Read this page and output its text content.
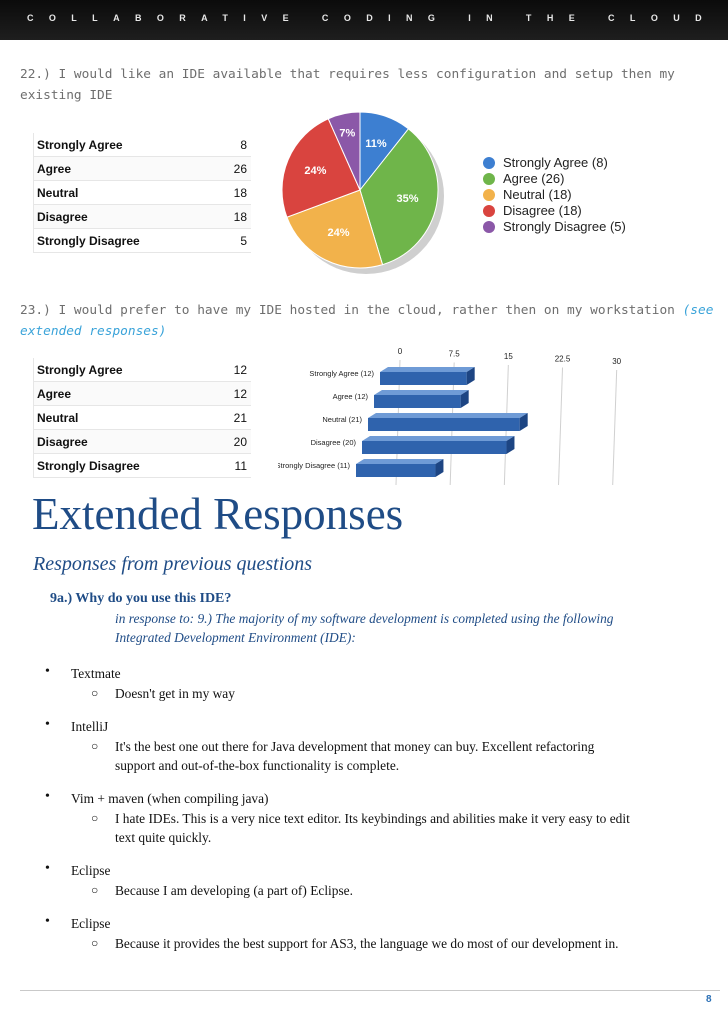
COLLABORATIVE CODING IN THE CLOUD
22.) I would like an IDE available that requires less configuration and setup then my existing IDE
Strongly Agree	8
Agree	26
Neutral	18
Disagree	18
Strongly Disagree	5
11%
35%
24%
24%
7%
Strongly Agree (8)
Agree (26)
Neutral (18)
Disagree (18)
Strongly Disagree (5)
23.) I would prefer to have my IDE hosted in the cloud, rather then on my workstation (see extended responses)
Strongly Agree	12
Agree	12
Neutral	21
Disagree	20
Strongly Disagree	11
0	7.5	15	22.5	30
Strongly Agree (12)
Agree (12)
Neutral (21)
Disagree (20)
Strongly Disagree (11)
Extended Responses
Responses from previous questions
9a.) Why do you use this IDE?
in response to: 9.) The majority of my software development is completed using the following Integrated Development Environment (IDE):
• Textmate
○ Doesn't get in my way
• IntelliJ
○ It's the best one out there for Java development that money can buy. Excellent refactoring support and out-of-the-box functionality is complete.
• Vim + maven (when compiling java)
○ I hate IDEs. This is a very nice text editor. Its keybindings and abilities make it very easy to edit text quite quickly.
• Eclipse
○ Because I am developing (a part of) Eclipse.
• Eclipse
○ Because it provides the best support for AS3, the language we do most of our development in.
8
